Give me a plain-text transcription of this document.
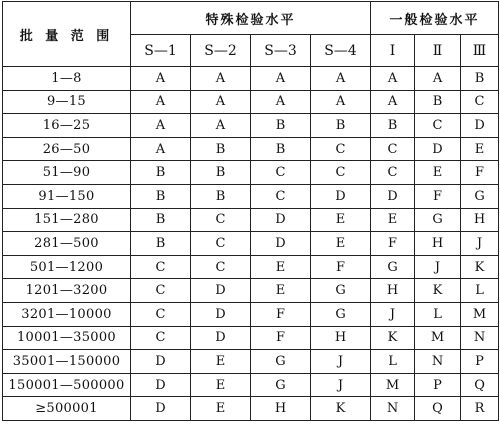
批 量 范 围	特殊检验水平				一般检验水平		
	S—1	S—2	S—3	S—4	Ⅰ	Ⅱ	Ⅲ
1—8	A	A	A	A	A	A	B
9—15	A	A	A	A	A	B	C
16—25	A	A	B	B	B	C	D
26—50	A	B	B	C	C	D	E
51—90	B	B	C	C	C	E	F
91—150	B	B	C	D	D	F	G
151—280	B	C	D	E	E	G	H
281—500	B	C	D	E	F	H	J
501—1200	C	C	E	F	G	J	K
1201—3200	C	D	E	G	H	K	L
3201—10000	C	D	F	G	J	L	M
10001—35000	C	D	F	H	K	M	N
35001—150000	D	E	G	J	L	N	P
150001—500000	D	E	G	J	M	P	Q
≥500001	D	E	H	K	N	Q	R
